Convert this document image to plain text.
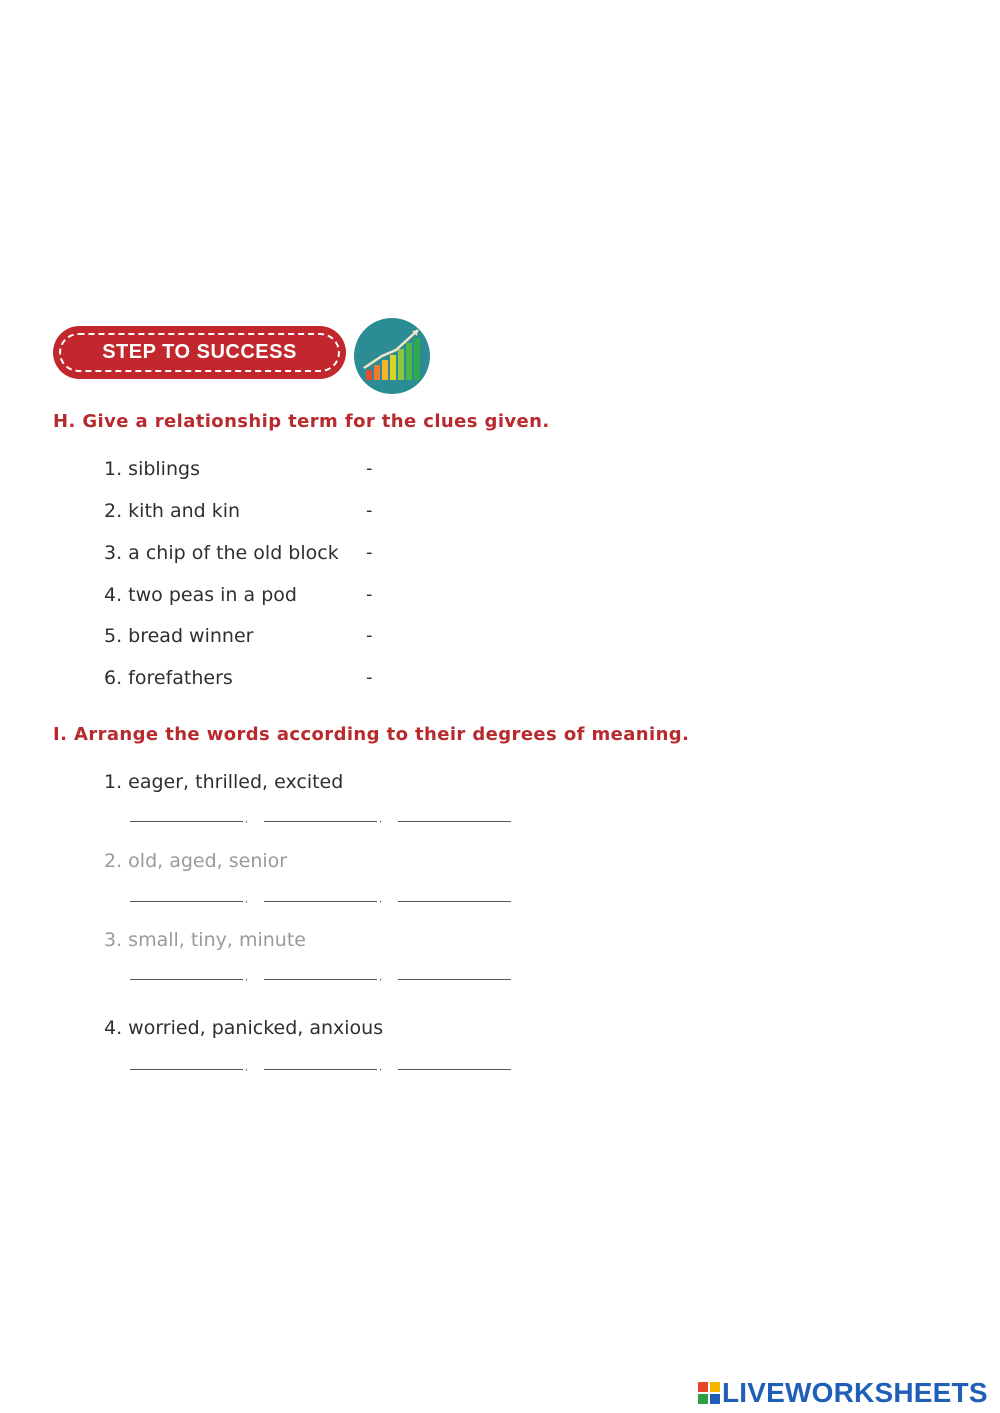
STEP TO SUCCESS
H. Give a relationship term for the clues given.
1. siblings	-
2. kith and kin	-
3. a chip of the old block -
4. two peas in a pod	-
5. bread winner	-
6. forefathers	-
I. Arrange the words according to their degrees of meaning.
1. eager, thrilled, excited
,	,
2. old, aged, senior
,	,
3. small, tiny, minute
,	,
4. worried, panicked, anxious
,	,
LIVEWORKSHEETS
